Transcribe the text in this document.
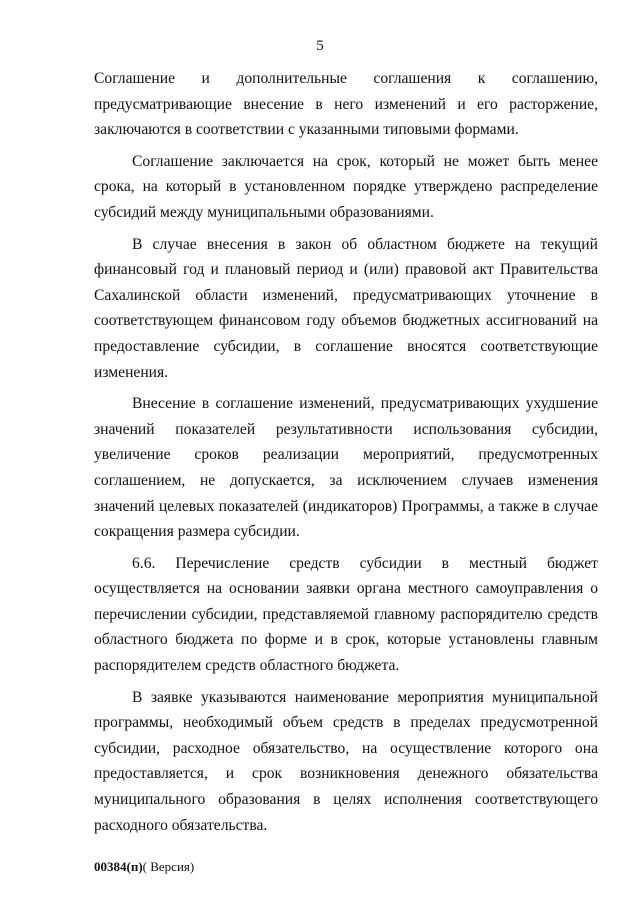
5

Соглашение и дополнительные соглашения к соглашению, предусматривающие внесение в него изменений и его расторжение, заключаются в соответствии с указанными типовыми формами.

Соглашение заключается на срок, который не может быть менее срока, на который в установленном порядке утверждено распределение субсидий между муниципальными образованиями.

В случае внесения в закон об областном бюджете на текущий финансовый год и плановый период и (или) правовой акт Правительства Сахалинской области изменений, предусматривающих уточнение в соответствующем финансовом году объемов бюджетных ассигнований на предоставление субсидии, в соглашение вносятся соответствующие изменения.

Внесение в соглашение изменений, предусматривающих ухудшение значений показателей результативности использования субсидии, увеличение сроков реализации мероприятий, предусмотренных соглашением, не допускается, за исключением случаев изменения значений целевых показателей (индикаторов) Программы, а также в случае сокращения размера субсидии.

6.6. Перечисление средств субсидии в местный бюджет осуществляется на основании заявки органа местного самоуправления о перечислении субсидии, представляемой главному распорядителю средств областного бюджета по форме и в срок, которые установлены главным распорядителем средств областного бюджета.

В заявке указываются наименование мероприятия муниципальной программы, необходимый объем средств в пределах предусмотренной субсидии, расходное обязательство, на осуществление которого она предоставляется, и срок возникновения денежного обязательства муниципального образования в целях исполнения соответствующего расходного обязательства.

00384(п)( Версия)
